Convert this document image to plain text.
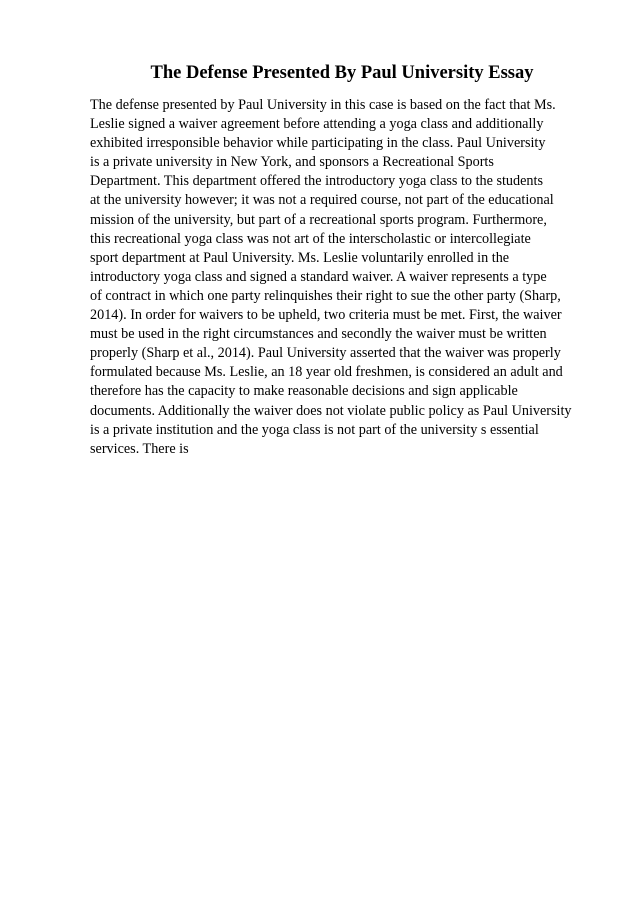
The Defense Presented By Paul University Essay
The defense presented by Paul University in this case is based on the fact that Ms.
Leslie signed a waiver agreement before attending a yoga class and additionally
exhibited irresponsible behavior while participating in the class. Paul University
is a private university in New York, and sponsors a Recreational Sports
Department. This department offered the introductory yoga class to the students
at the university however; it was not a required course, not part of the educational
mission of the university, but part of a recreational sports program. Furthermore,
this recreational yoga class was not art of the interscholastic or intercollegiate
sport department at Paul University. Ms. Leslie voluntarily enrolled in the
introductory yoga class and signed a standard waiver. A waiver represents a type
of contract in which one party relinquishes their right to sue the other party (Sharp,
2014). In order for waivers to be upheld, two criteria must be met. First, the waiver
must be used in the right circumstances and secondly the waiver must be written
properly (Sharp et al., 2014). Paul University asserted that the waiver was properly
formulated because Ms. Leslie, an 18 year old freshmen, is considered an adult and
therefore has the capacity to make reasonable decisions and sign applicable
documents. Additionally the waiver does not violate public policy as Paul University
is a private institution and the yoga class is not part of the university s essential
services. There is
